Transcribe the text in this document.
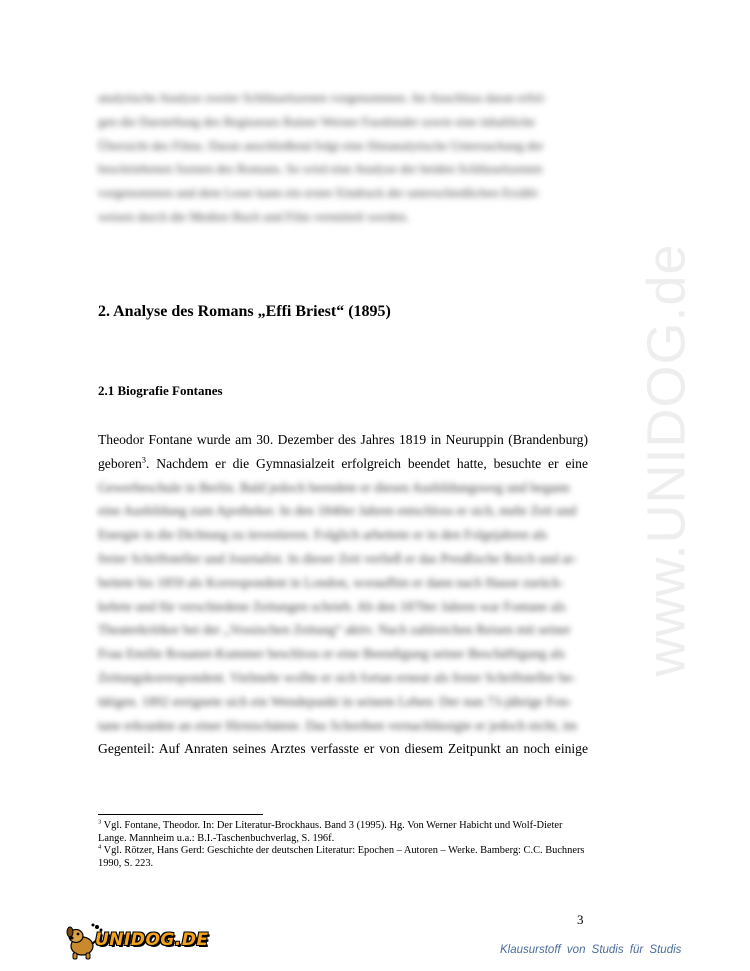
www.UNIDOG.de
analytische Analyse zweier Schlüsselszenen vorgenommen. Im Anschluss daran erfol-
gen die Darstellung des Regisseurs Rainer Werner Fassbinder sowie eine inhaltliche
Übersicht des Films. Daran anschließend folgt eine filmanalytische Untersuchung der
beschriebenen Szenen des Romans. So wird eine Analyse der beiden Schlüsselszenen
vorgenommen und dem Leser kann ein erster Eindruck der unterschiedlichen Erzähl-
weisen durch die Medien Buch und Film vermittelt werden.
2. Analyse des Romans „Effi Briest“ (1895)
2.1 Biografie Fontanes
Theodor Fontane wurde am 30. Dezember des Jahres 1819 in Neuruppin (Brandenburg)
geboren$^3$. Nachdem er die Gymnasialzeit erfolgreich beendet hatte, besuchte er eine
Gewerbeschule in Berlin. Bald jedoch beendete er diesen Ausbildungsweg und begann
eine Ausbildung zum Apotheker. In den 1840er Jahren entschloss er sich, mehr Zeit und
Energie in die Dichtung zu investieren. Folglich arbeitete er in den Folgejahren als
freier Schriftsteller und Journalist. In dieser Zeit verließ er das Preußische Reich und ar-
beitete bis 1859 als Korrespondent in London, woraufhin er dann nach Hause zurück-
kehrte und für verschiedene Zeitungen schrieb. Ab den 1870er Jahren war Fontane als
Theaterkritiker bei der „Vossischen Zeitung“ aktiv. Nach zahlreichen Reisen mit seiner
Frau Emilie Rouanet-Kummer beschloss er eine Beendigung seiner Beschäftigung als
Zeitungskorrespondent. Vielmehr wollte er sich fortan erneut als freier Schriftsteller be-
tätigen. 1892 ereignete sich ein Wendepunkt in seinem Leben: Der nun 73-jährige Fon-
tane erkrankte an einer Hirnischämie. Das Schreiben vernachlässigte er jedoch nicht, im
Gegenteil: Auf Anraten seines Arztes verfasste er von diesem Zeitpunkt an noch einige

$^3$ Vgl. Fontane, Theodor. In: Der Literatur-Brockhaus. Band 3 (1995). Hg. Von Werner Habicht und Wolf-Dieter Lange. Mannheim u.a.: B.I.-Taschenbuchverlag, S. 196f.

$^4$ Vgl. Rötzer, Hans Gerd: Geschichte der deutschen Literatur: Epochen – Autoren – Werke. Bamberg: C.C. Buchners 1990, S. 223.

3
UNIDOG.DE	Klausurstoff von Studis für Studis
